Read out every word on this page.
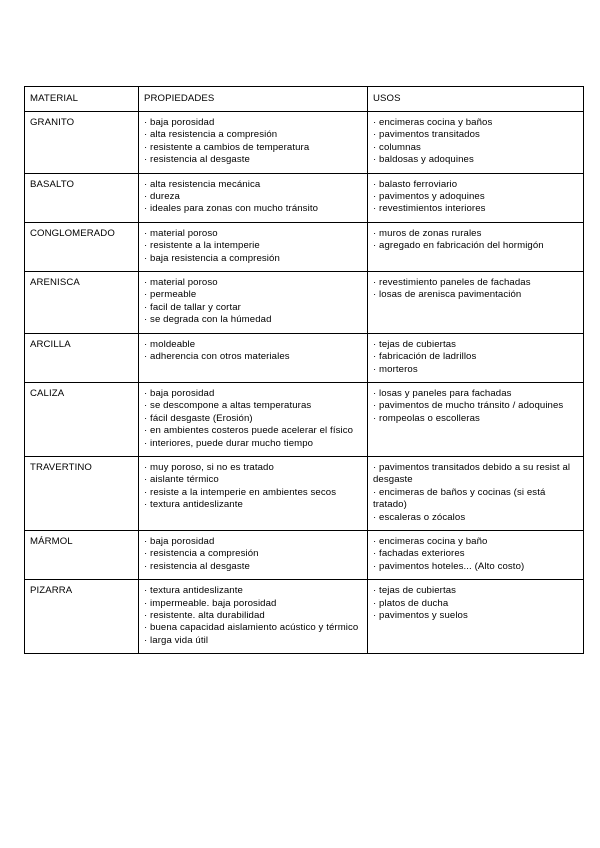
MATERIAL	PROPIEDADES	USOS
GRANITO	· baja porosidad
· alta resistencia a compresión
· resistente a cambios de temperatura
· resistencia al desgaste	· encimeras cocina y baños
· pavimentos transitados
· columnas
· baldosas y adoquines

BASALTO	· alta resistencia mecánica
· dureza
· ideales para zonas con mucho tránsito	· balasto ferroviario
· pavimentos y adoquines
· revestimientos interiores

CONGLOMERADO	· material poroso
· resistente a la intemperie
· baja resistencia a compresión	· muros de zonas rurales
· agregado en fabricación del hormigón

ARENISCA	· material poroso
· permeable
· facil de tallar y cortar
· se degrada con la húmedad	· revestimiento paneles de fachadas
· losas de arenisca pavimentación

ARCILLA	· moldeable
· adherencia con otros materiales	· tejas de cubiertas
· fabricación de ladrillos
· morteros

CALIZA	· baja porosidad
· se descompone a altas temperaturas
· fácil desgaste (Erosión)
· en ambientes costeros puede acelerar el físico
· interiores, puede durar mucho tiempo	· losas y paneles para fachadas
· pavimentos de mucho tránsito / adoquines
· rompeolas o escolleras

TRAVERTINO	· muy poroso, si no es tratado
· aislante térmico
· resiste a la intemperie en ambientes secos
· textura antideslizante	· pavimentos transitados debido a su resist al desgaste
· encimeras de baños y cocinas (si está tratado)
· escaleras o zócalos

MÁRMOL	· baja porosidad
· resistencia a compresión
· resistencia al desgaste	· encimeras cocina y baño
· fachadas exteriores
· pavimentos hoteles... (Alto costo)

PIZARRA	· textura antideslizante
· impermeable. baja porosidad
· resistente. alta durabilidad
· buena capacidad aislamiento acústico y térmico
· larga vida útil	· tejas de cubiertas
· platos de ducha
· pavimentos y suelos
